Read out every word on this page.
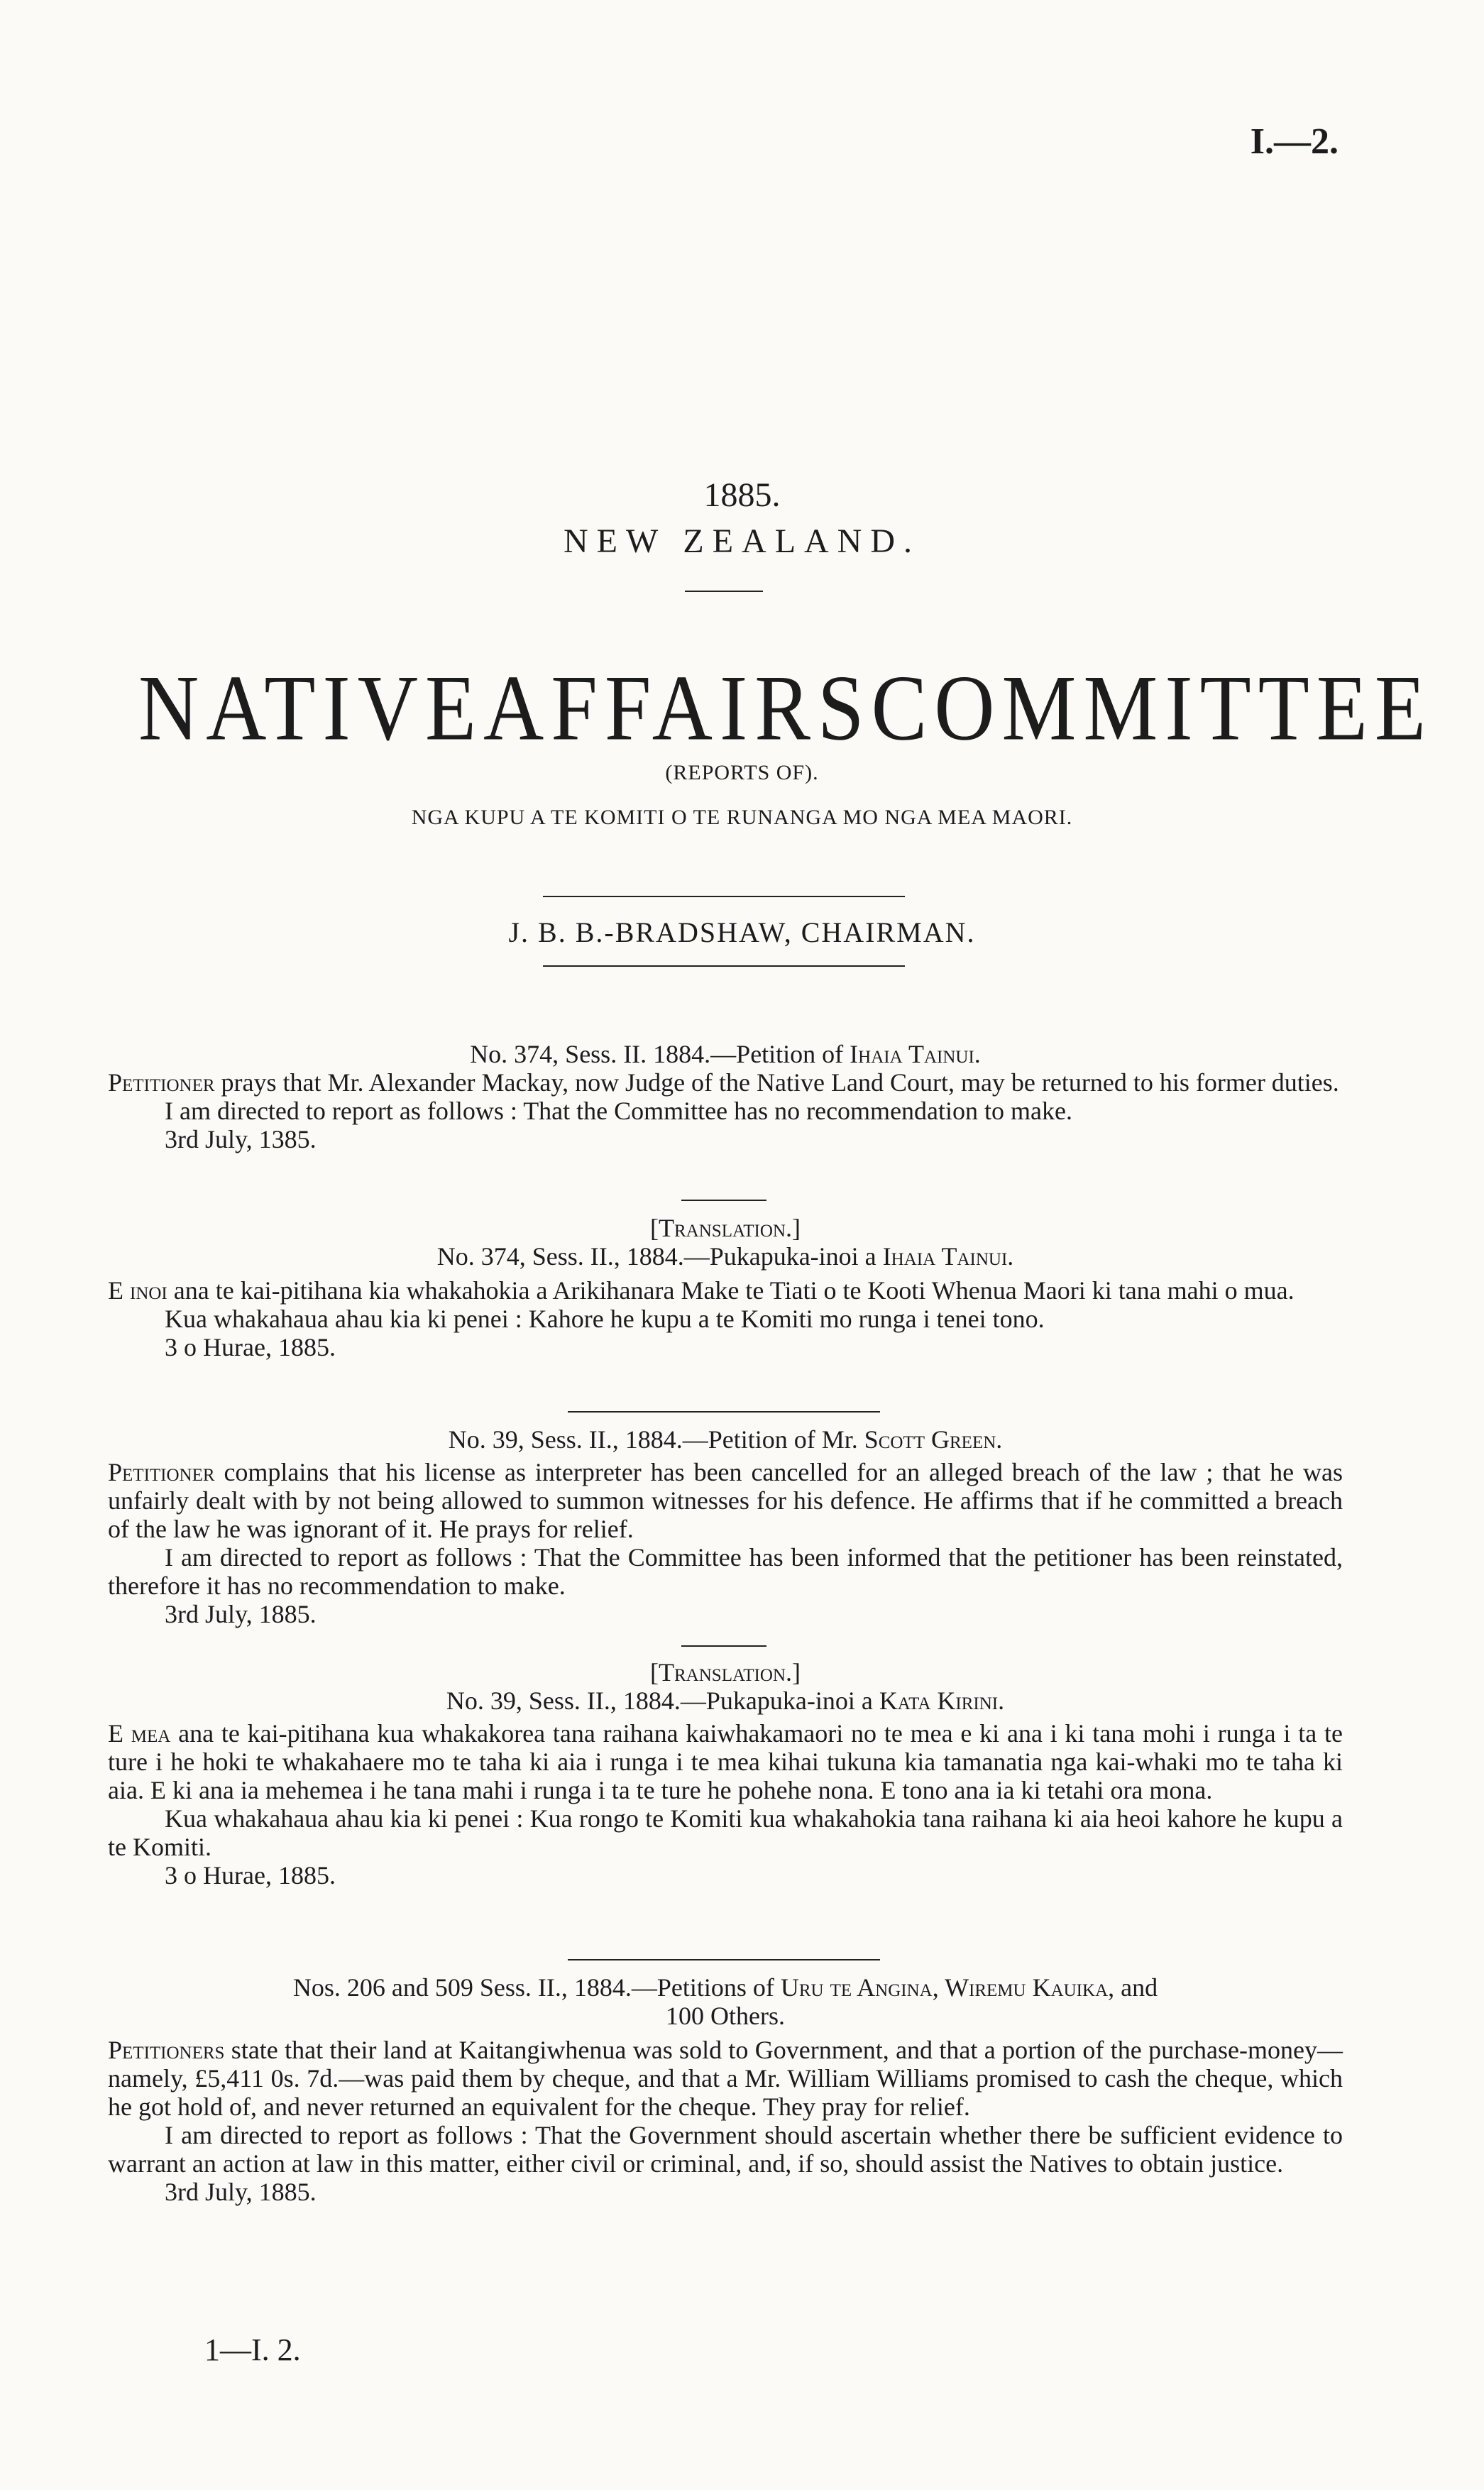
I.—2.
1885.
NEW ZEALAND.
NATIVE AFFAIRS COMMITTEE
(REPORTS OF).
NGA KUPU A TE KOMITI O TE RUNANGA MO NGA MEA MAORI.
J. B. B.-BRADSHAW, CHAIRMAN.
No. 374, Sess. II. 1884.—Petition of Ihaia Tainui.

Petitioner prays that Mr. Alexander Mackay, now Judge of the Native Land Court, may be returned to his former duties.

I am directed to report as follows : That the Committee has no recommendation to make.

3rd July, 1385.
[Translation.]
No. 374, Sess. II., 1884.—Pukapuka-inoi a Ihaia Tainui.

E inoi ana te kai-pitihana kia whakahokia a Arikihanara Make te Tiati o te Kooti Whenua Maori ki tana mahi o mua.

Kua whakahaua ahau kia ki penei : Kahore he kupu a te Komiti mo runga i tenei tono.

3 o Hurae, 1885.
No. 39, Sess. II., 1884.—Petition of Mr. Scott Green.

Petitioner complains that his license as interpreter has been cancelled for an alleged breach of the law ; that he was unfairly dealt with by not being allowed to summon witnesses for his defence. He affirms that if he committed a breach of the law he was ignorant of it. He prays for relief.

I am directed to report as follows : That the Committee has been informed that the petitioner has been reinstated, therefore it has no recommendation to make.

3rd July, 1885.
[Translation.]
No. 39, Sess. II., 1884.—Pukapuka-inoi a Kata Kirini.

E mea ana te kai-pitihana kua whakakorea tana raihana kaiwhakamaori no te mea e ki ana i ki tana mohi i runga i ta te ture i he hoki te whakahaere mo te taha ki aia i runga i te mea kihai tukuna kia tamanatia nga kai-whaki mo te taha ki aia. E ki ana ia mehemea i he tana mahi i runga i ta te ture he pohehe nona. E tono ana ia ki tetahi ora mona.

Kua whakahaua ahau kia ki penei : Kua rongo te Komiti kua whakahokia tana raihana ki aia heoi kahore he kupu a te Komiti.

3 o Hurae, 1885.
Nos. 206 and 509 Sess. II., 1884.—Petitions of Uru te Angina, Wiremu Kauika, and
100 Others.

Petitioners state that their land at Kaitangiwhenua was sold to Government, and that a portion of the purchase-money—namely, £5,411 0s. 7d.—was paid them by cheque, and that a Mr. William Williams promised to cash the cheque, which he got hold of, and never returned an equivalent for the cheque. They pray for relief.

I am directed to report as follows : That the Government should ascertain whether there be sufficient evidence to warrant an action at law in this matter, either civil or criminal, and, if so, should assist the Natives to obtain justice.

3rd July, 1885.
1—I. 2.
